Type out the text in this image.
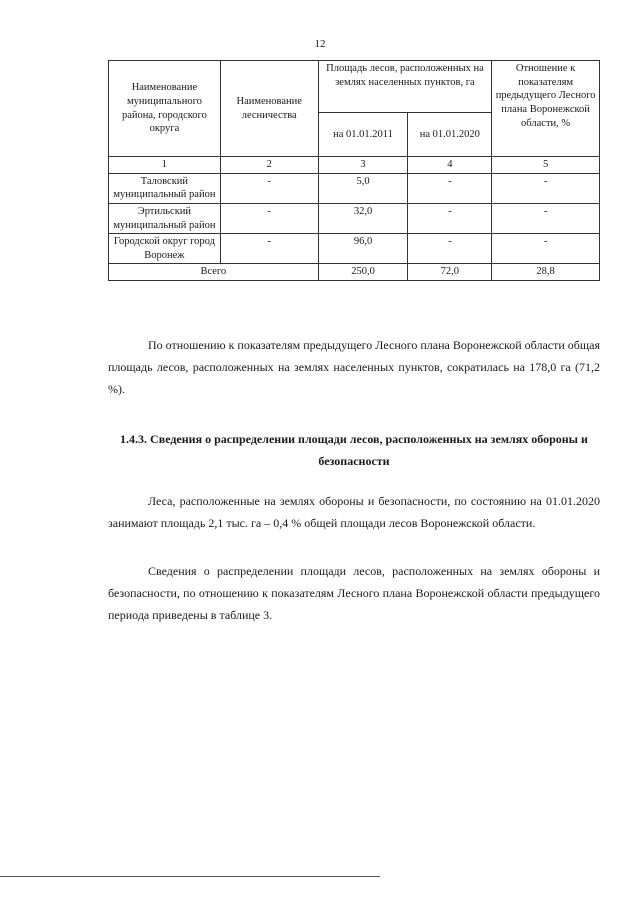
12
Наименование муниципального района, городского округа	Наименование лесничества	Площадь лесов, расположенных на землях населенных пунктов, га		Отношение к показателям предыдущего Лесного плана Воронежской области, %
		на 01.01.2011	на 01.01.2020	
1	2	3	4	5
Таловский муниципальный район	-	5,0	-	-
Эртильский муниципальный район	-	32,0	-	-
Городской округ город Воронеж	-	96,0	-	-
Всего		250,0	72,0	28,8

По отношению к показателям предыдущего Лесного плана Воронежской области общая площадь лесов, расположенных на землях населенных пунктов, сократилась на 178,0 га (71,2 %).

1.4.3. Сведения о распределении площади лесов, расположенных на землях обороны и безопасности

Леса, расположенные на землях обороны и безопасности, по состоянию на 01.01.2020 занимают площадь 2,1 тыс. га – 0,4 % общей площади лесов Воронежской области.

Сведения о распределении площади лесов, расположенных на землях обороны и безопасности, по отношению к показателям Лесного плана Воронежской области предыдущего периода приведены в таблице 3.
